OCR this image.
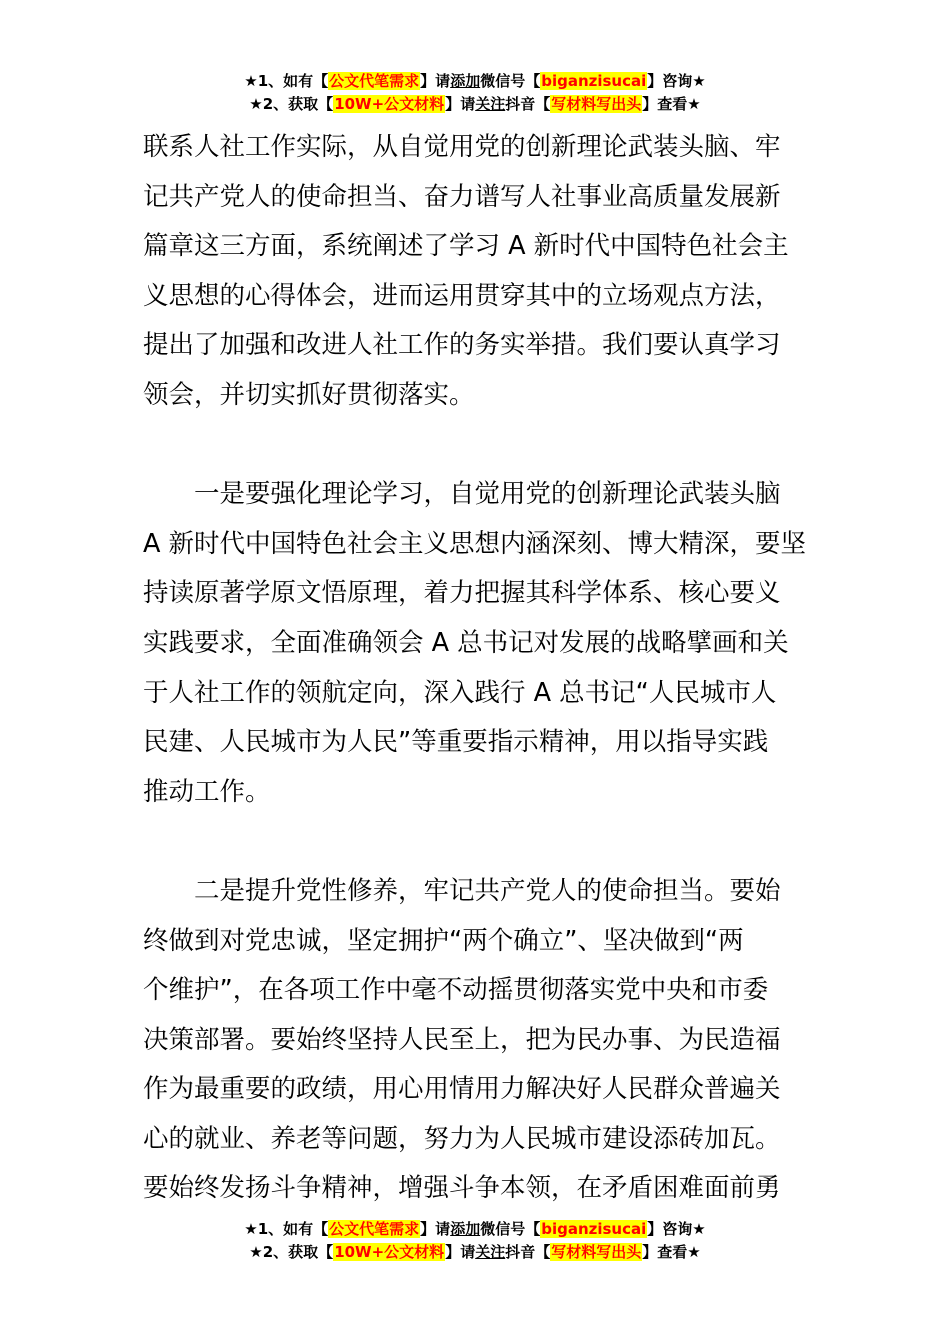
★1、如有【公文代笔需求】请添加微信号【biganzisucai】咨询★
★2、获取【10W+公文材料】请关注抖音【写材料写出头】查看★
联系人社工作实际，从自觉用党的创新理论武装头脑、牢
记共产党人的使命担当、奋力谱写人社事业高质量发展新
篇章这三方面，系统阐述了学习 A 新时代中国特色社会主
义思想的心得体会，进而运用贯穿其中的立场观点方法，
提出了加强和改进人社工作的务实举措。我们要认真学习
领会，并切实抓好贯彻落实。
一是要强化理论学习，自觉用党的创新理论武装头脑
A 新时代中国特色社会主义思想内涵深刻、博大精深，要坚
持读原著学原文悟原理，着力把握其科学体系、核心要义
实践要求，全面准确领会 A 总书记对发展的战略擘画和关
于人社工作的领航定向，深入践行 A 总书记“人民城市人
民建、人民城市为人民”等重要指示精神，用以指导实践
推动工作。
二是提升党性修养，牢记共产党人的使命担当。要始
终做到对党忠诚，坚定拥护“两个确立”、坚决做到“两
个维护”，在各项工作中毫不动摇贯彻落实党中央和市委
决策部署。要始终坚持人民至上，把为民办事、为民造福
作为最重要的政绩，用心用情用力解决好人民群众普遍关
心的就业、养老等问题，努力为人民城市建设添砖加瓦。
要始终发扬斗争精神，增强斗争本领，在矛盾困难面前勇
★1、如有【公文代笔需求】请添加微信号【biganzisucai】咨询★
★2、获取【10W+公文材料】请关注抖音【写材料写出头】查看★
